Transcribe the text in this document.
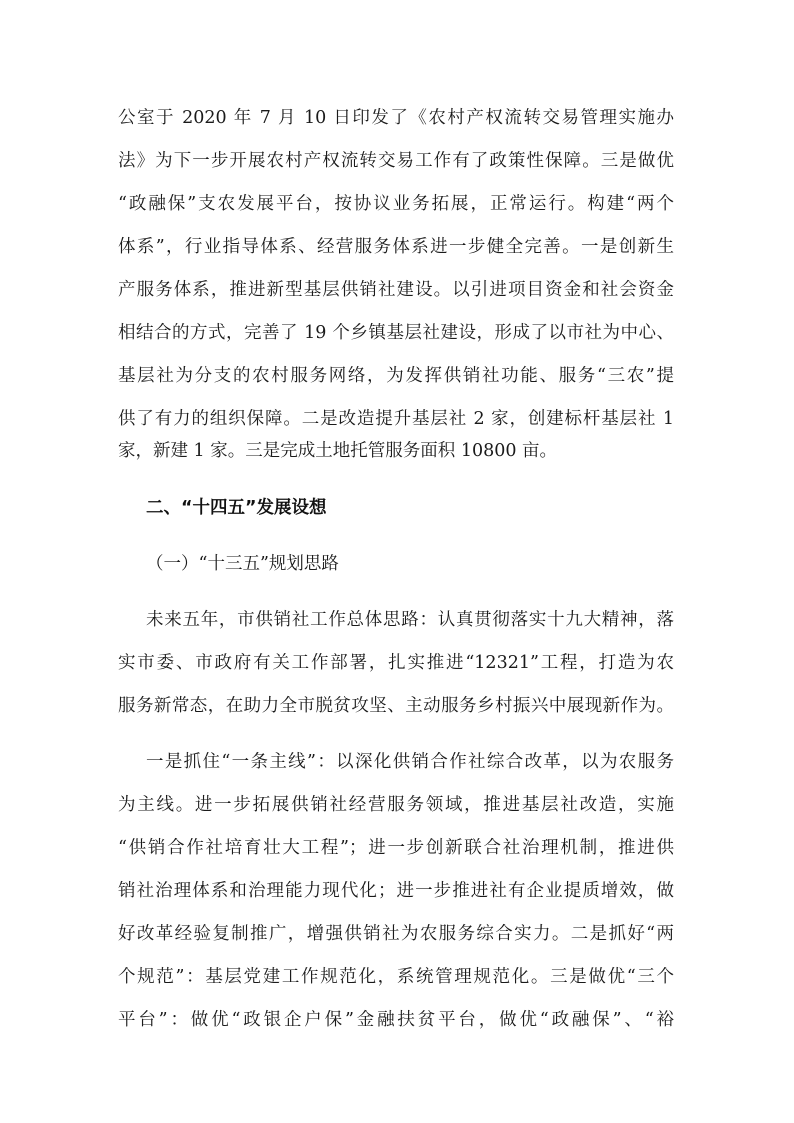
公室于 2020 年 7 月 10 日印发了《农村产权流转交易管理实施办
法》为下一步开展农村产权流转交易工作有了政策性保障。三是做优
“政融保”支农发展平台，按协议业务拓展，正常运行。构建“两个
体系”，行业指导体系、经营服务体系进一步健全完善。一是创新生
产服务体系，推进新型基层供销社建设。以引进项目资金和社会资金
相结合的方式，完善了 19 个乡镇基层社建设，形成了以市社为中心、
基层社为分支的农村服务网络，为发挥供销社功能、服务“三农”提
供了有力的组织保障。二是改造提升基层社 2 家，创建标杆基层社 1
家，新建 1 家。三是完成土地托管服务面积 10800 亩。
二、“十四五”发展设想
（一）“十三五”规划思路
未来五年，市供销社工作总体思路：认真贯彻落实十九大精神，落
实市委、市政府有关工作部署，扎实推进“12321”工程，打造为农
服务新常态，在助力全市脱贫攻坚、主动服务乡村振兴中展现新作为。
一是抓住“一条主线”：以深化供销合作社综合改革，以为农服务
为主线。进一步拓展供销社经营服务领域，推进基层社改造，实施
“供销合作社培育壮大工程”；进一步创新联合社治理机制，推进供
销社治理体系和治理能力现代化；进一步推进社有企业提质增效，做
好改革经验复制推广，增强供销社为农服务综合实力。二是抓好“两
个规范”：基层党建工作规范化，系统管理规范化。三是做优“三个
平台”：做优“政银企户保”金融扶贫平台，做优“政融保”、“裕
